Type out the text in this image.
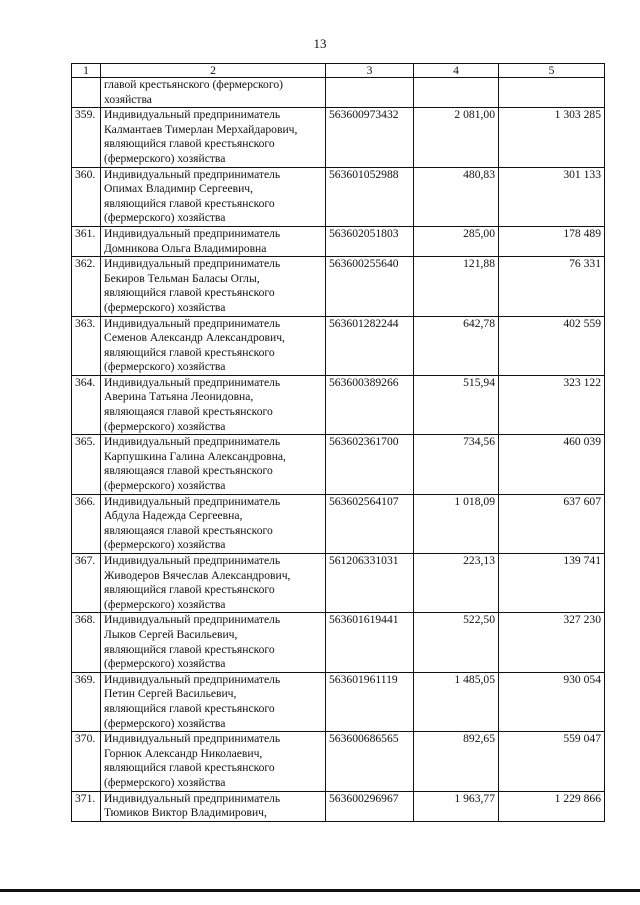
13
1	2	3	4	5
	главой крестьянского (фермерского)
хозяйства			
359.	Индивидуальный предприниматель
Калмантаев Тимерлан Мерхайдарович,
являющийся главой крестьянского
(фермерского) хозяйства	563600973432	2 081,00	1 303 285
360.	Индивидуальный предприниматель
Опимах Владимир Сергеевич,
являющийся главой крестьянского
(фермерского) хозяйства	563601052988	480,83	301 133
361.	Индивидуальный предприниматель
Домникова Ольга Владимировна	563602051803	285,00	178 489
362.	Индивидуальный предприниматель
Бекиров Тельман Баласы Оглы,
являющийся главой крестьянского
(фермерского) хозяйства	563600255640	121,88	76 331
363.	Индивидуальный предприниматель
Семенов Александр Александрович,
являющийся главой крестьянского
(фермерского) хозяйства	563601282244	642,78	402 559
364.	Индивидуальный предприниматель
Аверина Татьяна Леонидовна,
являющаяся главой крестьянского
(фермерского) хозяйства	563600389266	515,94	323 122
365.	Индивидуальный предприниматель
Карпушкина Галина Александровна,
являющаяся главой крестьянского
(фермерского) хозяйства	563602361700	734,56	460 039
366.	Индивидуальный предприниматель
Абдула Надежда Сергеевна,
являющаяся главой крестьянского
(фермерского) хозяйства	563602564107	1 018,09	637 607
367.	Индивидуальный предприниматель
Живодеров Вячеслав Александрович,
являющийся главой крестьянского
(фермерского) хозяйства	561206331031	223,13	139 741
368.	Индивидуальный предприниматель
Лыков Сергей Васильевич,
являющийся главой крестьянского
(фермерского) хозяйства	563601619441	522,50	327 230
369.	Индивидуальный предприниматель
Петин Сергей Васильевич,
являющийся главой крестьянского
(фермерского) хозяйства	563601961119	1 485,05	930 054
370.	Индивидуальный предприниматель
Горнюк Александр Николаевич,
являющийся главой крестьянского
(фермерского) хозяйства	563600686565	892,65	559 047
371.	Индивидуальный предприниматель
Тюмиков Виктор Владимирович,	563600296967	1 963,77	1 229 866
